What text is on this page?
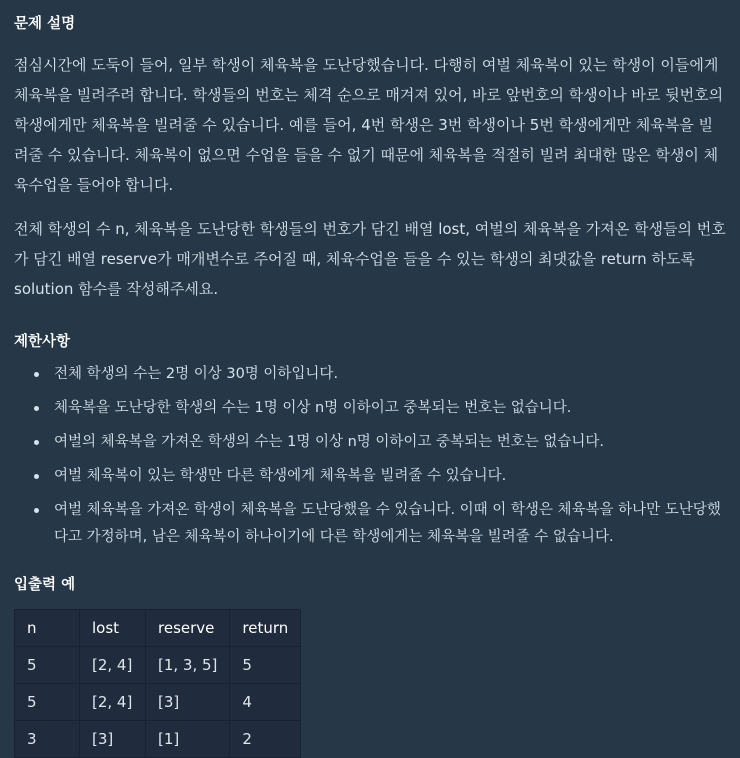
문제 설명

점심시간에 도둑이 들어, 일부 학생이 체육복을 도난당했습니다. 다행히 여벌 체육복이 있는 학생이 이들에게 체육복을 빌려주려 합니다. 학생들의 번호는 체격 순으로 매겨져 있어, 바로 앞번호의 학생이나 바로 뒷번호의 학생에게만 체육복을 빌려줄 수 있습니다. 예를 들어, 4번 학생은 3번 학생이나 5번 학생에게만 체육복을 빌려줄 수 있습니다. 체육복이 없으면 수업을 들을 수 없기 때문에 체육복을 적절히 빌려 최대한 많은 학생이 체육수업을 들어야 합니다.

전체 학생의 수 n, 체육복을 도난당한 학생들의 번호가 담긴 배열 lost, 여벌의 체육복을 가져온 학생들의 번호가 담긴 배열 reserve가 매개변수로 주어질 때, 체육수업을 들을 수 있는 학생의 최댓값을 return 하도록 solution 함수를 작성해주세요.

제한사항
전체 학생의 수는 2명 이상 30명 이하입니다.
체육복을 도난당한 학생의 수는 1명 이상 n명 이하이고 중복되는 번호는 없습니다.
여벌의 체육복을 가져온 학생의 수는 1명 이상 n명 이하이고 중복되는 번호는 없습니다.
여벌 체육복이 있는 학생만 다른 학생에게 체육복을 빌려줄 수 있습니다.
여벌 체육복을 가져온 학생이 체육복을 도난당했을 수 있습니다. 이때 이 학생은 체육복을 하나만 도난당했다고 가정하며, 남은 체육복이 하나이기에 다른 학생에게는 체육복을 빌려줄 수 없습니다.
입출력 예
n	lost	reserve	return
5	[2, 4]	[1, 3, 5]	5
5	[2, 4]	[3]	4
3	[3]	[1]	2
